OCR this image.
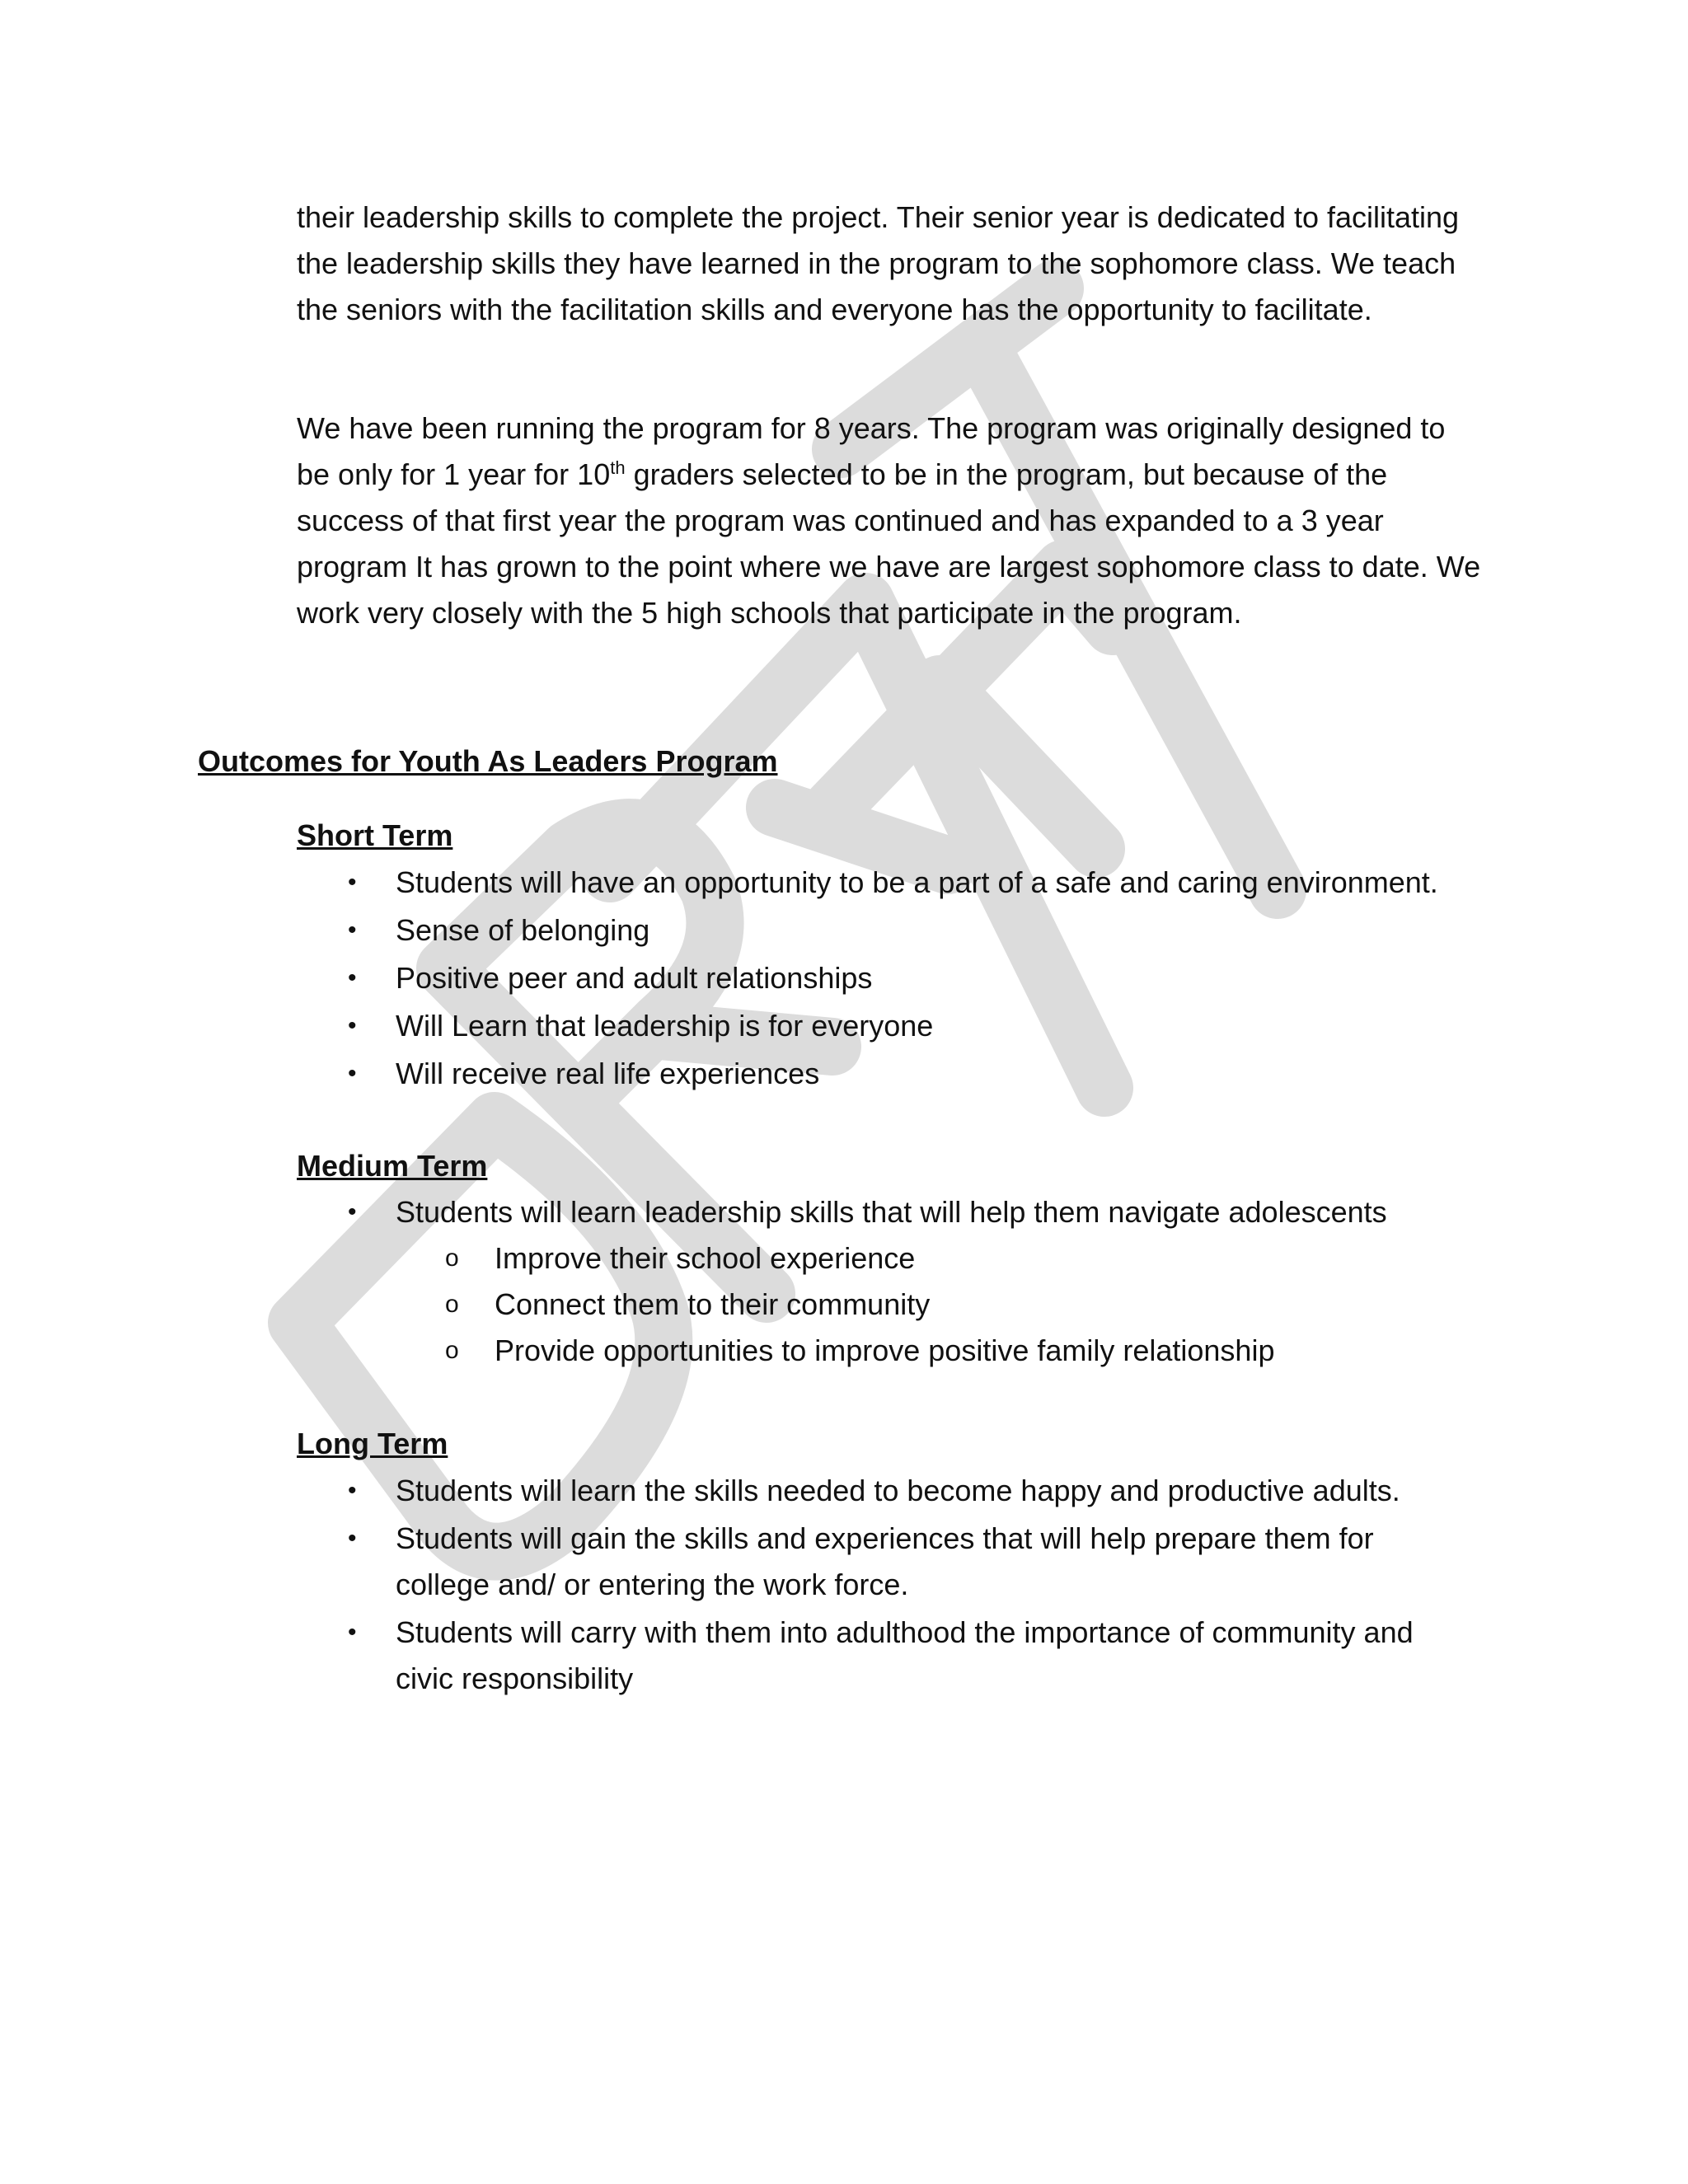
their leadership skills to complete the project. Their senior year is dedicated to facilitating the leadership skills they have learned in the program to the sophomore class. We teach the seniors with the facilitation skills and everyone has the opportunity to facilitate.

We have been running the program for 8 years. The program was originally designed to be only for 1 year for 10th graders selected to be in the program, but because of the success of that first year the program was continued and has expanded to a 3 year program It has grown to the point where we have are largest sophomore class to date. We work very closely with the 5 high schools that participate in the program.

Outcomes for Youth As Leaders Program
Short Term
• Students will have an opportunity to be a part of a safe and caring environment.
• Sense of belonging
• Positive peer and adult relationships
• Will Learn that leadership is for everyone
• Will receive real life experiences
Medium Term
• Students will learn leadership skills that will help them navigate adolescents
o Improve their school experience
o Connect them to their community
o Provide opportunities to improve positive family relationship
Long Term
• Students will learn the skills needed to become happy and productive adults.
• Students will gain the skills and experiences that will help prepare them for college and/ or entering the work force.
• Students will carry with them into adulthood the importance of community and civic responsibility
